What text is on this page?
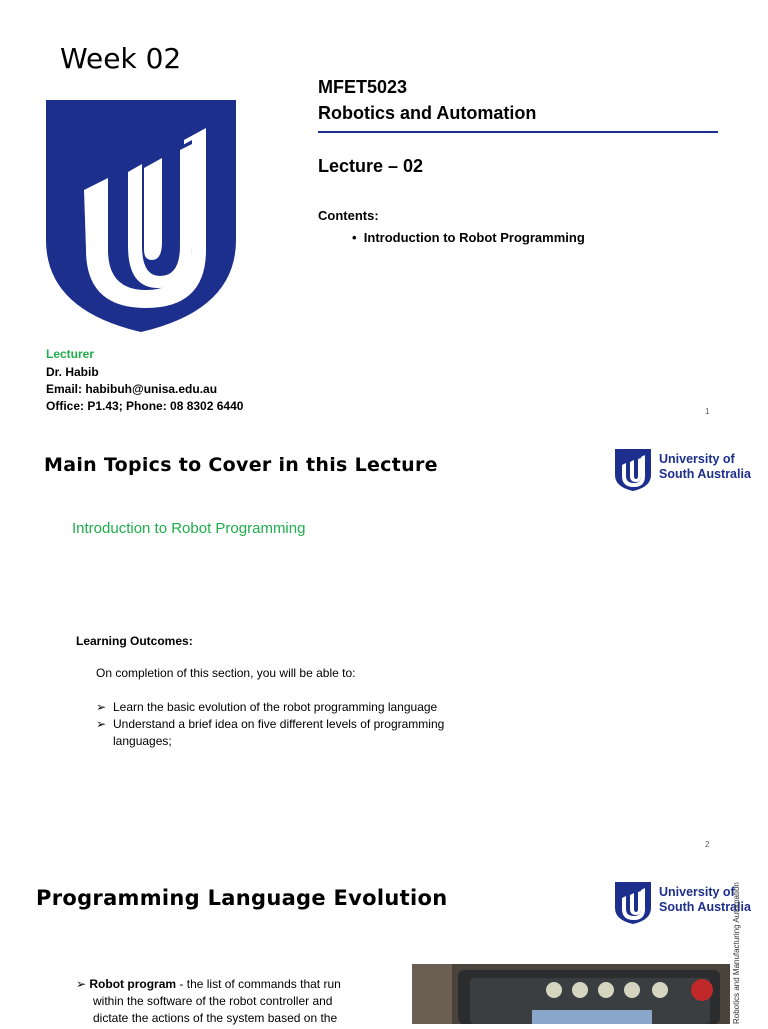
Week 02
MFET5023
Robotics and Automation
Lecture – 02
Contents:
•  Introduction to Robot Programming
Lecturer
Dr. Habib
Email: habibuh@unisa.edu.au
Office: P1.43; Phone: 08 8302 6440	1
Main Topics to Cover in this Lecture	University of
South Australia
Introduction to Robot Programming
Learning Outcomes:
On completion of this section, you will be able to:
➢ Learn the basic evolution of the robot programming language
➢ Understand a brief idea on five different levels of programming
languages;
2
Programming Language Evolution	University of
South Australia
➢ Robot program - the list of commands that run
within the software of the robot controller and
dictate the actions of the system based on the	Robotics and Manufacturing Automation
